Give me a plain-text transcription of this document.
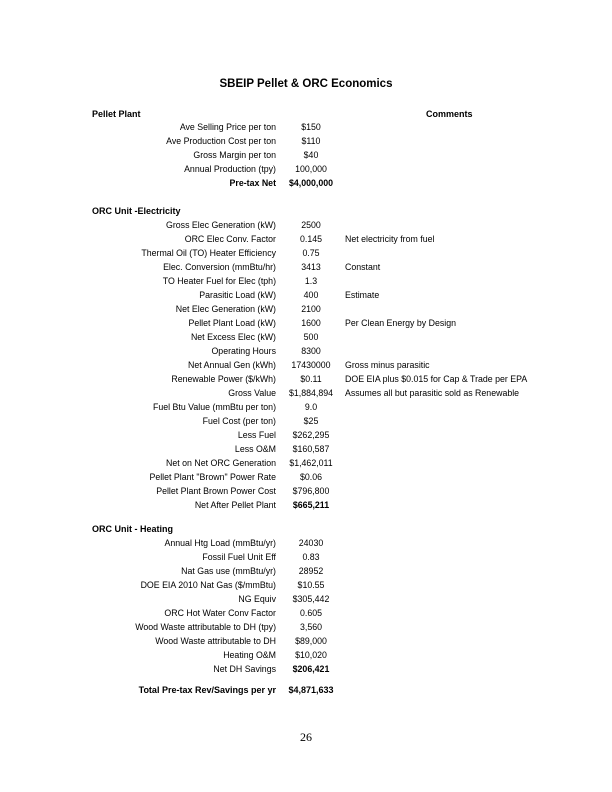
SBEIP Pellet & ORC Economics
Pellet Plant	Comments
Ave Selling Price per ton	$150
Ave Production Cost per ton	$110
Gross Margin per ton	$40
Annual Production (tpy)	100,000
Pre-tax Net	$4,000,000
ORC Unit -Electricity
Gross Elec Generation (kW)	2500
ORC Elec Conv. Factor	0.145	Net electricity from fuel
Thermal Oil (TO) Heater Efficiency	0.75
Elec. Conversion (mmBtu/hr)	3413	Constant
TO Heater Fuel for Elec (tph)	1.3
Parasitic Load (kW)	400	Estimate
Net Elec Generation (kW)	2100
Pellet Plant Load (kW)	1600	Per Clean Energy by Design
Net Excess Elec (kW)	500
Operating Hours	8300
Net Annual Gen (kWh)	17430000	Gross minus parasitic
Renewable Power ($/kWh)	$0.11	DOE EIA plus $0.015 for Cap & Trade per EPA
Gross Value	$1,884,894	Assumes all but parasitic sold as Renewable
Fuel Btu Value (mmBtu per ton)	9.0
Fuel Cost (per ton)	$25
Less Fuel	$262,295
Less O&M	$160,587
Net on Net ORC Generation	$1,462,011
Pellet Plant "Brown" Power Rate	$0.06
Pellet Plant Brown Power Cost	$796,800
Net After Pellet Plant	$665,211
ORC Unit - Heating
Annual Htg Load (mmBtu/yr)	24030
Fossil Fuel Unit Eff	0.83
Nat Gas use (mmBtu/yr)	28952
DOE EIA 2010 Nat Gas ($/mmBtu)	$10.55
NG Equiv	$305,442
ORC Hot Water Conv Factor	0.605
Wood Waste attributable to DH (tpy)	3,560
Wood Waste attributable to DH	$89,000
Heating O&M	$10,020
Net DH Savings	$206,421
Total Pre-tax Rev/Savings per yr	$4,871,633
26
